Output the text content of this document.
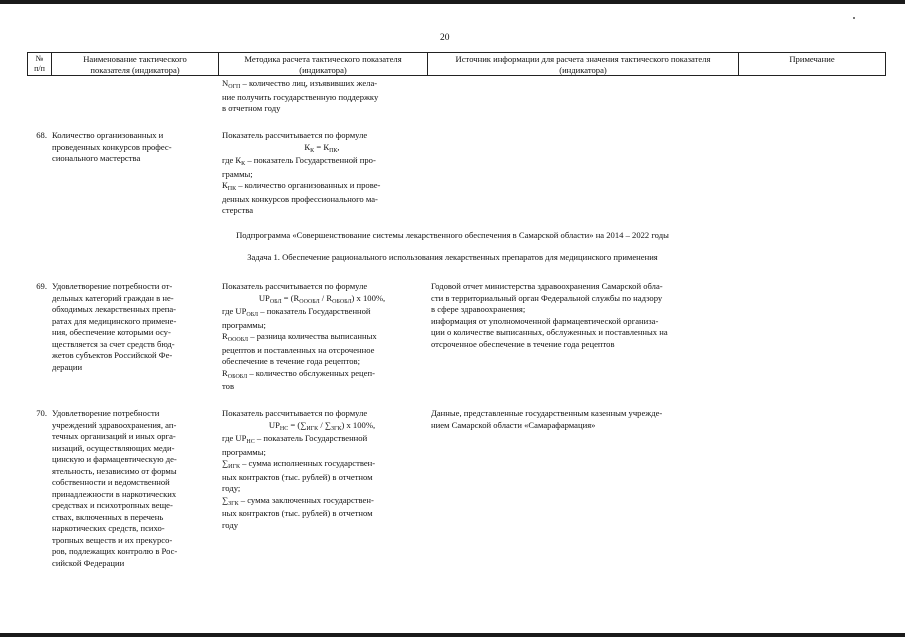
20
№
п/п
Наименование тактического показателя (индикатора)
Методика расчета тактического показателя (индикатора)
Источник информации для расчета значения тактического показателя (индикатора)
Примечание
$N_{ОГП}$ – количество лиц, изъявивших жела-
ние получить государственную поддержку
в отчетном году
68. Количество организованных и
проведенных конкурсов профес-
сионального мастерства
Показатель рассчитывается по формуле
$К_К = К_{ПК}$,
где $К_К$ – показатель Государственной про-
граммы;
$К_{ПК}$ – количество организованных и прове-
денных конкурсов профессионального ма-
стерства
Подпрограмма «Совершенствование системы лекарственного обеспечения в Самарской области» на 2014 – 2022 годы
Задача 1. Обеспечение рационального использования лекарственных препаратов для медицинского применения
69. Удовлетворение потребности от-
дельных категорий граждан в не-
обходимых лекарственных препа-
ратах для медицинского примене-
ния, обеспечение которыми осу-
ществляется за счет средств бюд-
жетов субъектов Российской Фе-
дерации
Показатель рассчитывается по формуле
$UP_{ОБЛ} = (R_{ОООБЛ} / R_{ОБОБЛ})$ x 100%,
где $UP_{ОБЛ}$ – показатель Государственной
программы;
$R_{ОООБЛ}$ – разница количества выписанных
рецептов и поставленных на отсроченное
обеспечение в течение года рецептов;
$R_{ОБОБЛ}$ – количество обслуженных рецеп-
тов
Годовой отчет министерства здравоохранения Самарской обла-
сти в территориальный орган Федеральной службы по надзору
в сфере здравоохранения;
информация от уполномоченной фармацевтической организа-
ции о количестве выписанных, обслуженных и поставленных на
отсроченное обеспечение в течение года рецептов
70. Удовлетворение потребности
учреждений здравоохранения, ап-
течных организаций и иных орга-
низаций, осуществляющих меди-
цинскую и фармацевтическую де-
ятельность, независимо от формы
собственности и ведомственной
принадлежности в наркотических
средствах и психотропных веще-
ствах, включенных в перечень
наркотических средств, психо-
тропных веществ и их прекурсо-
ров, подлежащих контролю в Рос-
сийской Федерации
Показатель рассчитывается по формуле
$UP_{НС} = (\sum_{ИГК} / \sum_{ЗГК})$ x 100%,
где $UP_{НС}$ – показатель Государственной
программы;
$\sum_{ИГК}$ – сумма исполненных государствен-
ных контрактов (тыс. рублей) в отчетном
году;
$\sum_{ЗГК}$ – сумма заключенных государствен-
ных контрактов (тыс. рублей) в отчетном
году
Данные, представленные государственным казенным учрежде-
нием Самарской области «Самарафармация»
